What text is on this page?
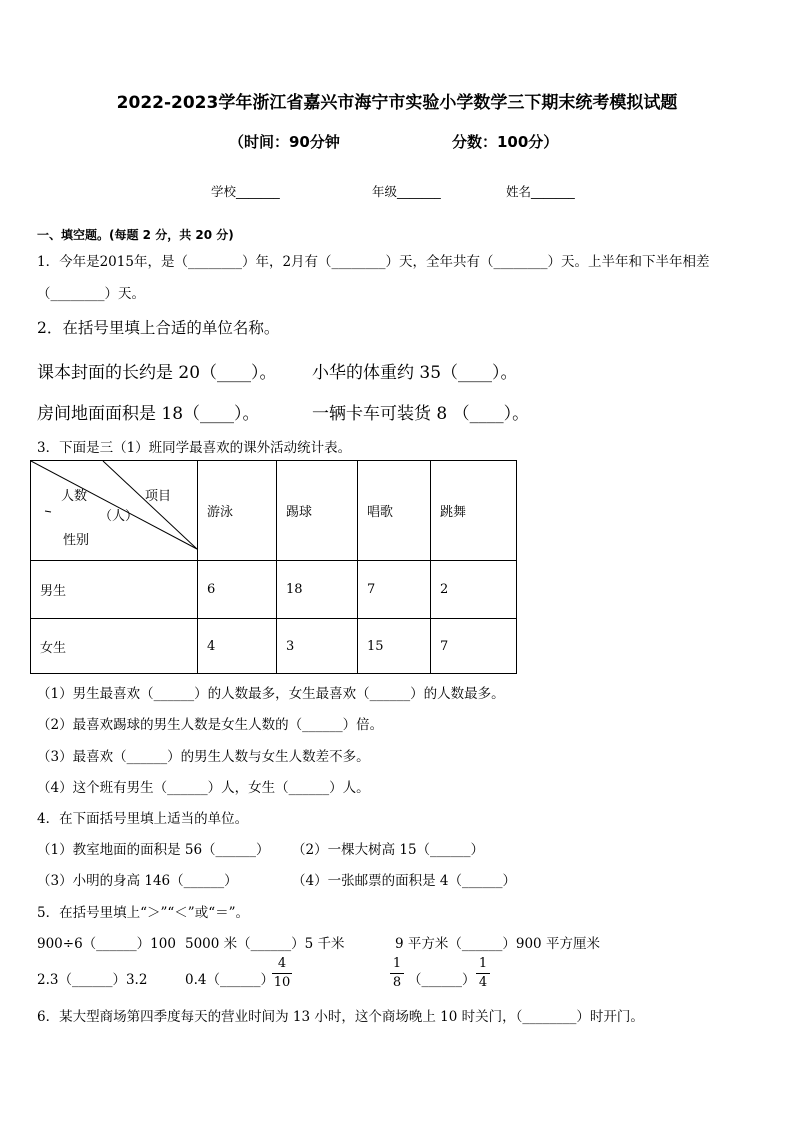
2022-2023学年浙江省嘉兴市海宁市实验小学数学三下期末统考模拟试题
（时间：90分钟	分数：100分）
学校_______	年级_______	姓名_______
一、填空题。(每题 2 分，共 20 分)
1．今年是2015年，是（________）年，2月有（________）天，全年共有（________）天。上半年和下半年相差
（________）天。
2．在括号里填上合适的单位名称。
课本封面的长约是 20（____）。 小华的体重约 35（____）。
房间地面面积是 18（____）。	一辆卡车可装货 8 （____）。
3．下面是三（1）班同学最喜欢的课外活动统计表。
项目
人数
（人）
性别	游泳	踢球	唱歌	跳舞
男生	6	18	7	2
女生	4	3	15	7
（1）男生最喜欢（______）的人数最多，女生最喜欢（______）的人数最多。
（2）最喜欢踢球的男生人数是女生人数的（______）倍。
（3）最喜欢（______）的男生人数与女生人数差不多。
（4）这个班有男生（______）人，女生（______）人。
4．在下面括号里填上适当的单位。
（1）教室地面的面积是 56（______） （2）一棵大树高 15（______）
（3）小明的身高 146（______）	（4）一张邮票的面积是 4（______）
5．在括号里填上“＞”“＜”或“＝”。
900÷6（______）100 5000 米（______）5 千米	9 平方米（______）900 平方厘米
2.3（______）3.2	0.4（______）
4
10
1
8 （______）
1
4
6．某大型商场第四季度每天的营业时间为 13 小时，这个商场晚上 10 时关门，（________）时开门。
